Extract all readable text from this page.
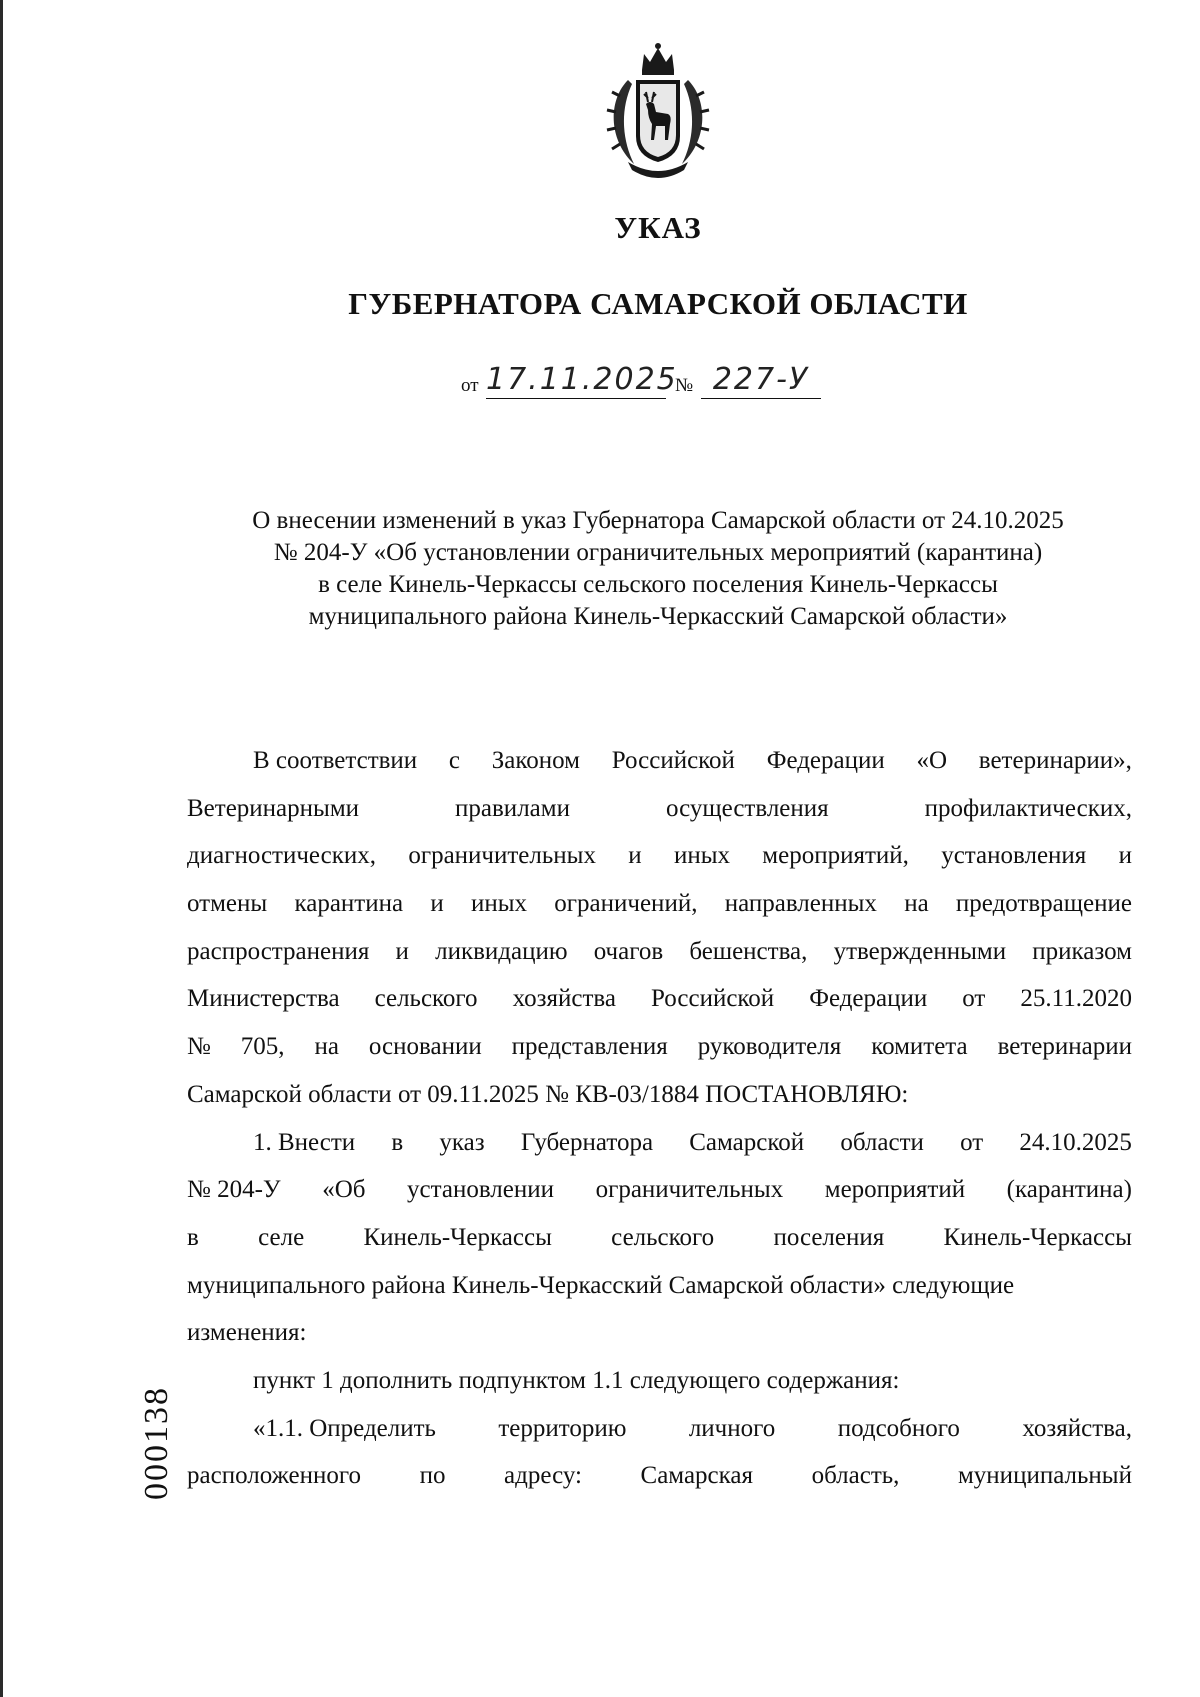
УКАЗ
ГУБЕРНАТОРА САМАРСКОЙ ОБЛАСТИ
от 17.11.2025
№ 227-У
О внесении изменений в указ Губернатора Самарской области от 24.10.2025
№ 204-У «Об установлении ограничительных мероприятий (карантина)
в селе Кинель-Черкассы сельского поселения Кинель-Черкассы
муниципального района Кинель-Черкасский Самарской области»
В соответствии с Законом Российской Федерации «О ветеринарии»,
Ветеринарными	правилами	осуществления	профилактических,
диагностических, ограничительных и иных мероприятий, установления и
отмены карантина и иных ограничений, направленных на предотвращение
распространения и ликвидацию очагов бешенства, утвержденными приказом
Министерства сельского хозяйства Российской Федерации от 25.11.2020
№ 705, на основании представления руководителя комитета ветеринарии
Самарской области от 09.11.2025 № КВ-03/1884 ПОСТАНОВЛЯЮ:
1. Внести в указ Губернатора Самарской области от 24.10.2025
№ 204-У «Об установлении ограничительных мероприятий (карантина)
в селе Кинель-Черкассы сельского поселения Кинель-Черкассы
муниципального района Кинель-Черкасский Самарской области» следующие
изменения:
пункт 1 дополнить подпунктом 1.1 следующего содержания:
«1.1. Определить территорию личного подсобного хозяйства,
расположенного по адресу: Самарская область, муниципальный
000138
